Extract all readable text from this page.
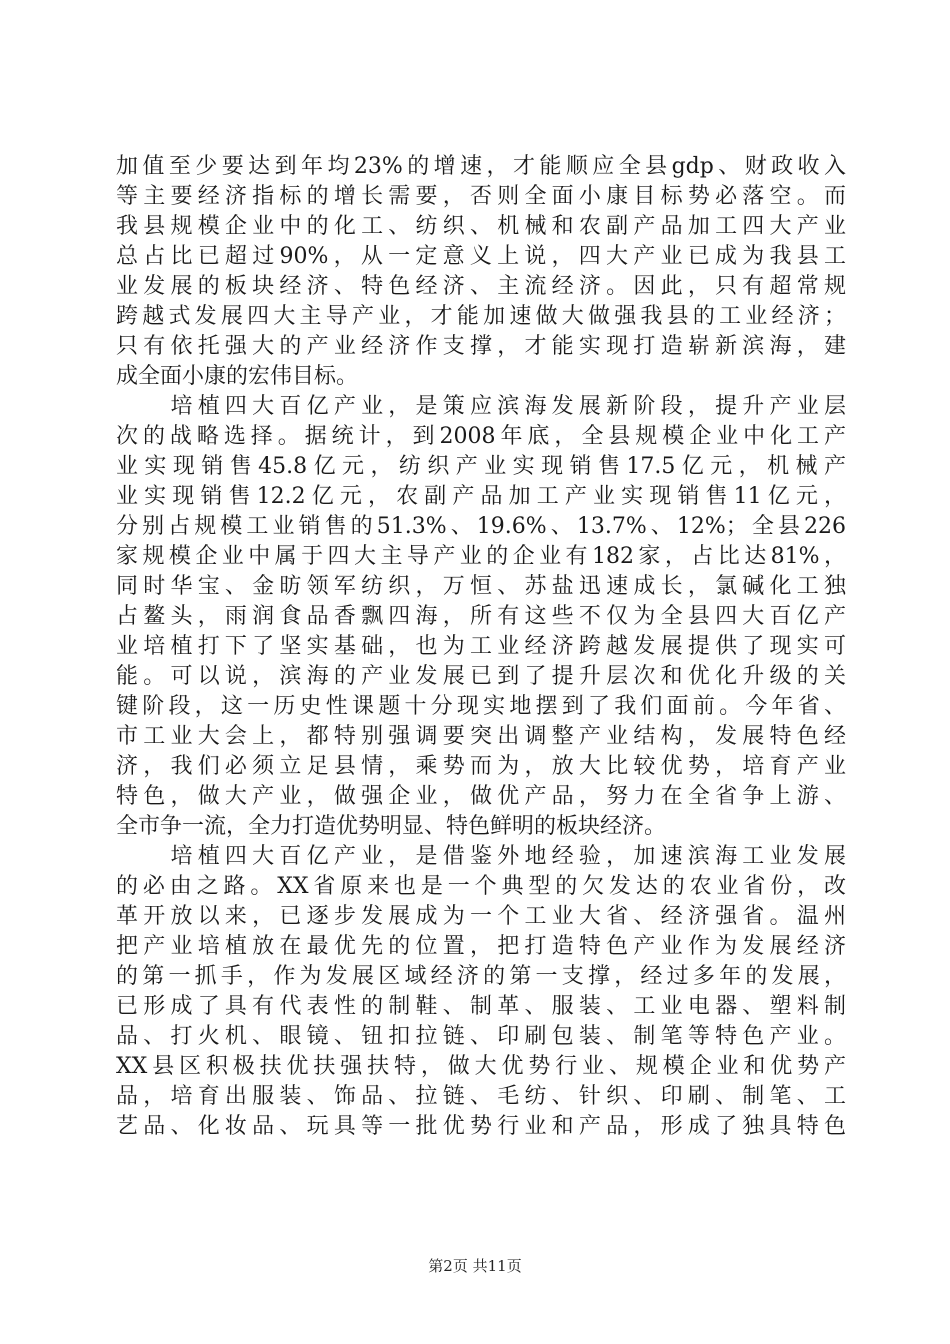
加值至少要达到年均23%的增速，才能顺应全县gdp、财政收入
等主要经济指标的增长需要，否则全面小康目标势必落空。而
我县规模企业中的化工、纺织、机械和农副产品加工四大产业
总占比已超过90%，从一定意义上说，四大产业已成为我县工
业发展的板块经济、特色经济、主流经济。因此，只有超常规
跨越式发展四大主导产业，才能加速做大做强我县的工业经济；
只有依托强大的产业经济作支撑，才能实现打造崭新滨海，建
成全面小康的宏伟目标。
　　培植四大百亿产业，是策应滨海发展新阶段，提升产业层
次的战略选择。据统计，到2008年底，全县规模企业中化工产
业实现销售45.8亿元，纺织产业实现销售17.5亿元，机械产
业实现销售12.2亿元，农副产品加工产业实现销售11亿元，
分别占规模工业销售的51.3%、19.6%、13.7%、12%；全县226
家规模企业中属于四大主导产业的企业有182家，占比达81%，
同时华宝、金昉领军纺织，万恒、苏盐迅速成长，氯碱化工独
占鳌头，雨润食品香飘四海，所有这些不仅为全县四大百亿产
业培植打下了坚实基础，也为工业经济跨越发展提供了现实可
能。可以说，滨海的产业发展已到了提升层次和优化升级的关
键阶段，这一历史性课题十分现实地摆到了我们面前。今年省、
市工业大会上，都特别强调要突出调整产业结构，发展特色经
济，我们必须立足县情，乘势而为，放大比较优势，培育产业
特色，做大产业，做强企业，做优产品，努力在全省争上游、
全市争一流，全力打造优势明显、特色鲜明的板块经济。
　　培植四大百亿产业，是借鉴外地经验，加速滨海工业发展
的必由之路。XX省原来也是一个典型的欠发达的农业省份，改
革开放以来，已逐步发展成为一个工业大省、经济强省。温州
把产业培植放在最优先的位置，把打造特色产业作为发展经济
的第一抓手，作为发展区域经济的第一支撑，经过多年的发展，
已形成了具有代表性的制鞋、制革、服装、工业电器、塑料制
品、打火机、眼镜、钮扣拉链、印刷包装、制笔等特色产业。
XX县区积极扶优扶强扶特，做大优势行业、规模企业和优势产
品，培育出服装、饰品、拉链、毛纺、针织、印刷、制笔、工
艺品、化妆品、玩具等一批优势行业和产品，形成了独具特色
第2页 共11页
